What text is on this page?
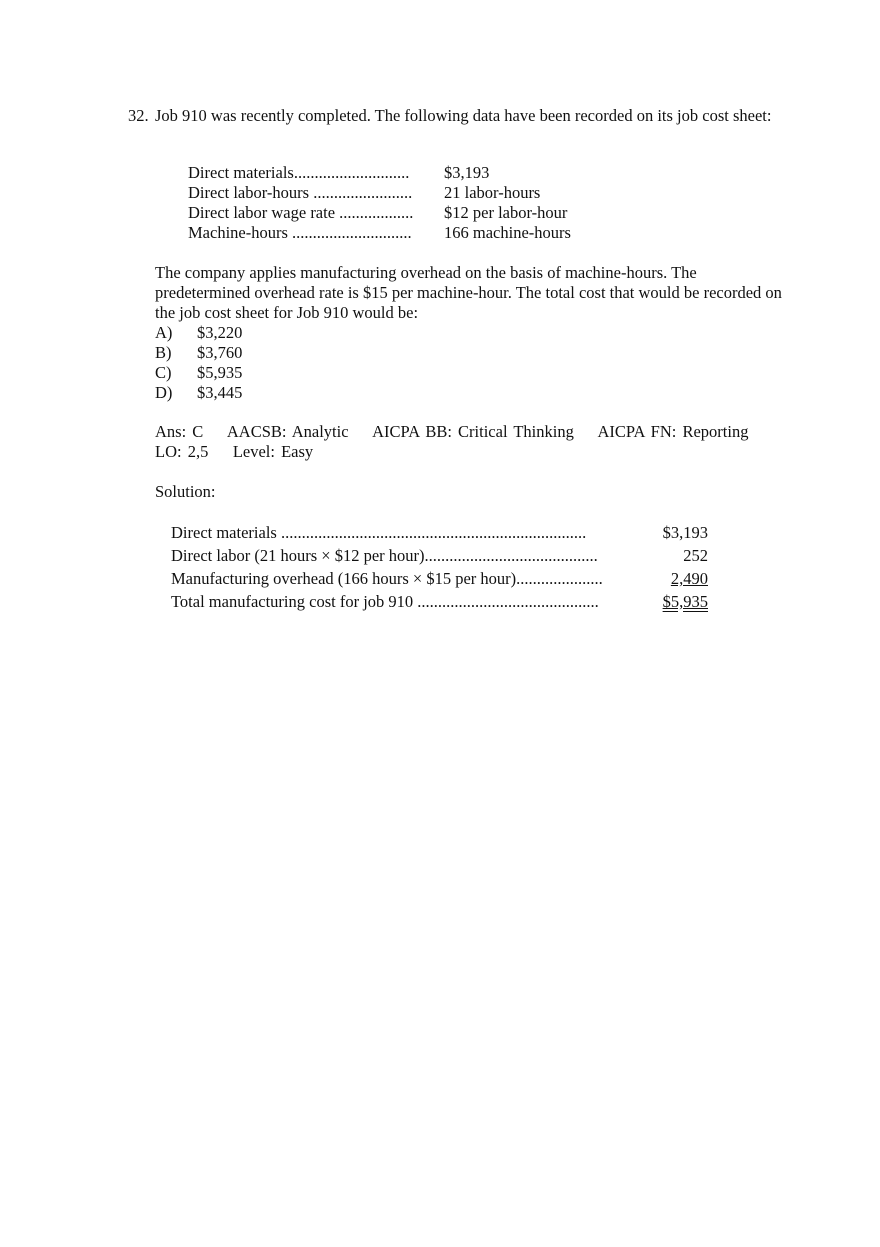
32. Job 910 was recently completed. The following data have been recorded on its job cost sheet:
Direct materials............................	$3,193
Direct labor-hours ........................	21 labor-hours
Direct labor wage rate ..................	$12 per labor-hour
Machine-hours .............................	166 machine-hours
The company applies manufacturing overhead on the basis of machine-hours. The predetermined overhead rate is $15 per machine-hour. The total cost that would be recorded on the job cost sheet for Job 910 would be:
A)	$3,220
B)	$3,760
C)	$5,935
D)	$3,445
Ans: C    AACSB: Analytic    AICPA BB: Critical Thinking    AICPA FN: Reporting
LO: 2,5    Level: Easy
Solution:
Direct materials ..........................................................................	$3,193
Direct labor (21 hours × $12 per hour)..........................................	252
Manufacturing overhead (166 hours × $15 per hour).....................	2,490
Total manufacturing cost for job 910 ............................................	$5,935
